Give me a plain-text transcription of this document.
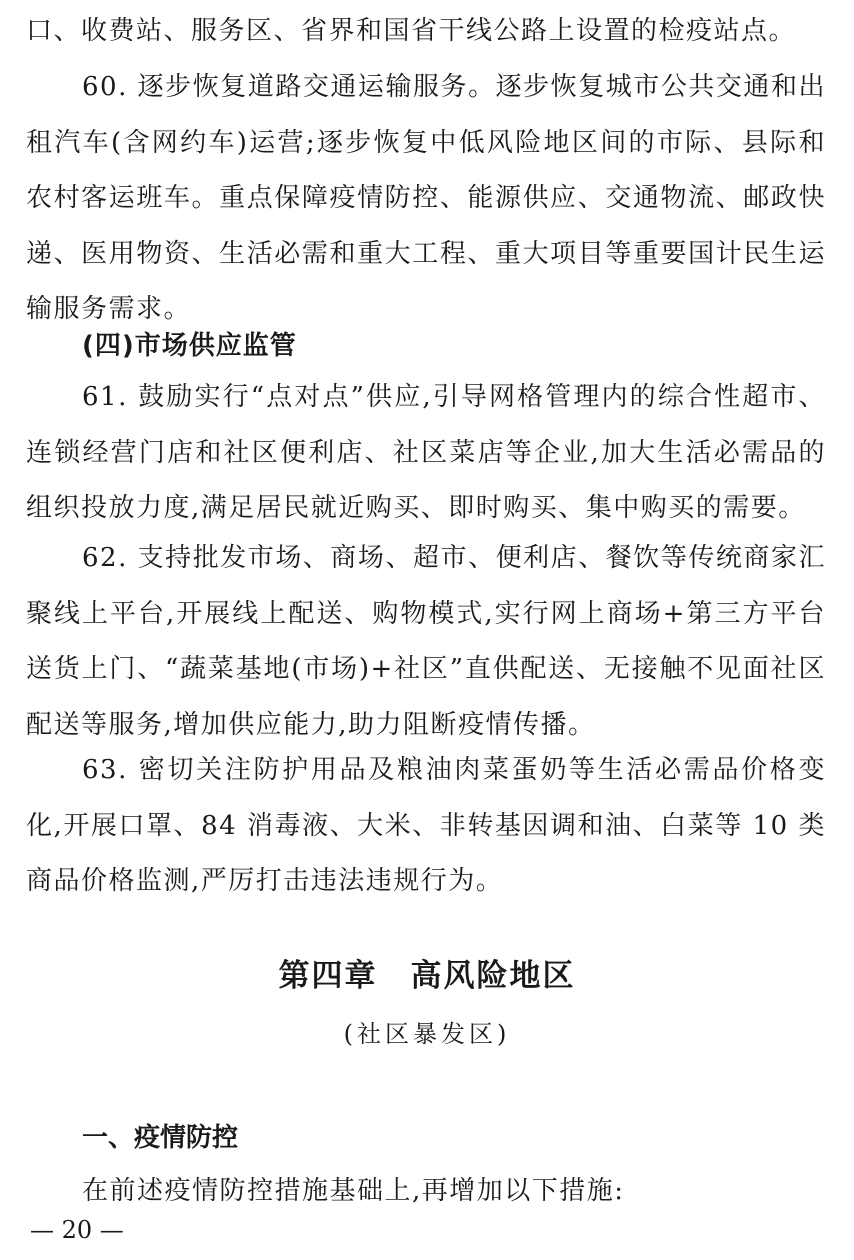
口、收费站、服务区、省界和国省干线公路上设置的检疫站点。

60. 逐步恢复道路交通运输服务。逐步恢复城市公共交通和出租汽车(含网约车)运营;逐步恢复中低风险地区间的市际、县际和农村客运班车。重点保障疫情防控、能源供应、交通物流、邮政快递、医用物资、生活必需和重大工程、重大项目等重要国计民生运输服务需求。

(四)市场供应监管

61. 鼓励实行“点对点”供应,引导网格管理内的综合性超市、连锁经营门店和社区便利店、社区菜店等企业,加大生活必需品的组织投放力度,满足居民就近购买、即时购买、集中购买的需要。

62. 支持批发市场、商场、超市、便利店、餐饮等传统商家汇聚线上平台,开展线上配送、购物模式,实行网上商场+第三方平台送货上门、“蔬菜基地(市场)+社区”直供配送、无接触不见面社区配送等服务,增加供应能力,助力阻断疫情传播。

63. 密切关注防护用品及粮油肉菜蛋奶等生活必需品价格变化,开展口罩、84 消毒液、大米、非转基因调和油、白菜等 10 类商品价格监测,严厉打击违法违规行为。

第四章　高风险地区

(社区暴发区)

一、疫情防控

在前述疫情防控措施基础上,再增加以下措施:

— 20 —
